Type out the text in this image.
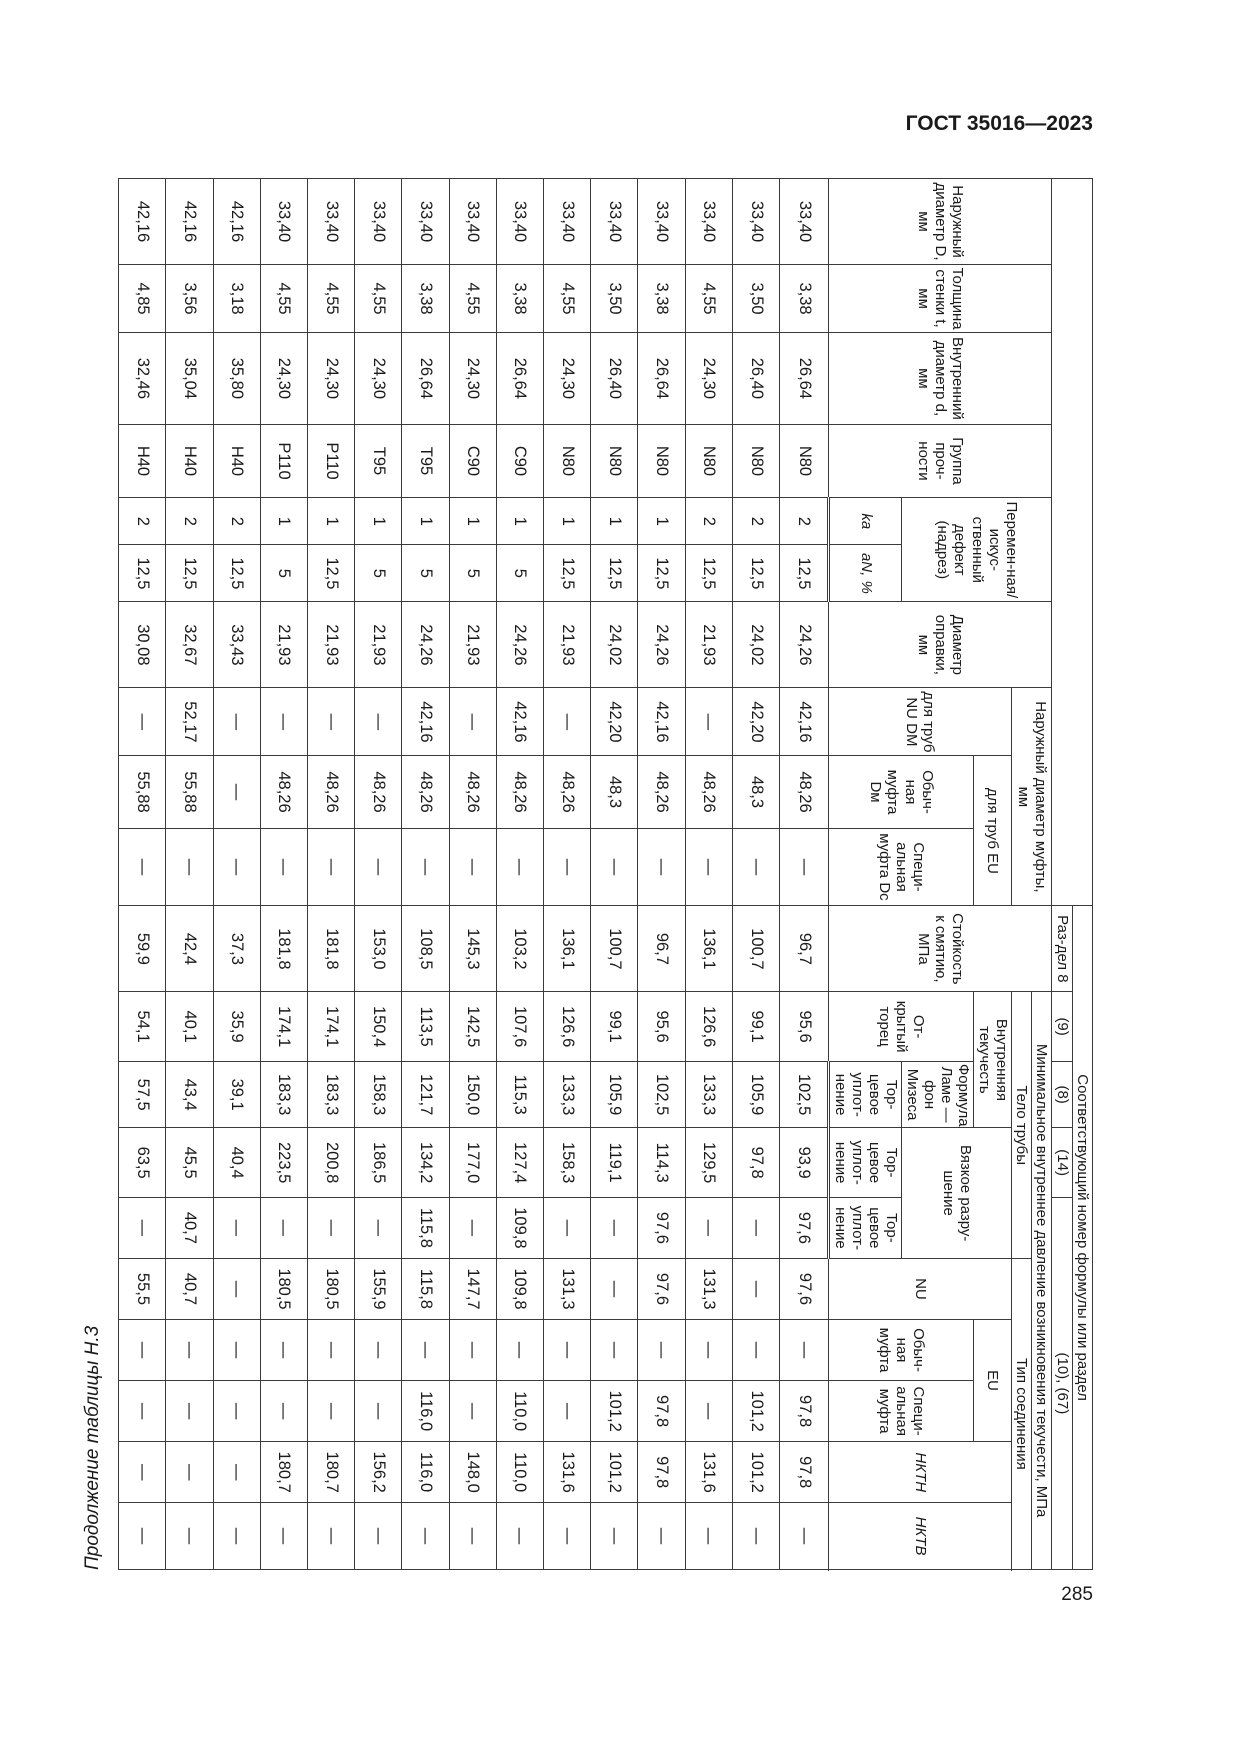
ГОСТ 35016—2023
Продолжение таблицы Н.3
285
										Соответствующий номер формулы или раздел										
										Раз-дел 8	(9)	(8)	(14)	(10), (67)						
Наружный диаметр D, мм	Толщина стенки t, мм	Внутренний диаметр d, мм	Группа проч-ности	Перемен-ная/искус-ственный дефект (надрез)		Диаметр оправки, мм	Наружный диаметр муфты, мм			Стойкость к смятию, МПа	Минимальное внутреннее давление возникновения текучести, МПа									
											Тело трубы				Тип соединения					
							для труб NU DM	для труб EU			Внутренняя текучесть		Вязкое разру-шение		NU	EU		НКТН	НКТВ	
								Обыч-ная муфта Dм	Специ-альная муфта Dс		От-крытый торец	Формула Ламе — фон Мизеса				Обыч-ная муфта	Специ-альная муфта			
				ka	aN, %							Тор-цевое уплот-нение	Тор-цевое уплот-нение	Тор-цевое уплот-нение						
33,40	3,38	26,64	N80	2	12,5	24,26	42,16	48,26	—	96,7	95,6	102,5	93,9	97,6	97,6	—	97,8	97,8	—	
33,40	3,50	26,40	N80	2	12,5	24,02	42,20	48,3	—	100,7	99,1	105,9	97,8	—	—	—	101,2	101,2	—	
33,40	4,55	24,30	N80	2	12,5	21,93	—	48,26	—	136,1	126,6	133,3	129,5	—	131,3	—	—	131,6	—	
33,40	3,38	26,64	N80	1	12,5	24,26	42,16	48,26	—	96,7	95,6	102,5	114,3	97,6	97,6	—	97,8	97,8	—	
33,40	3,50	26,40	N80	1	12,5	24,02	42,20	48,3	—	100,7	99,1	105,9	119,1	—	—	—	101,2	101,2	—	
33,40	4,55	24,30	N80	1	12,5	21,93	—	48,26	—	136,1	126,6	133,3	158,3	—	131,3	—	—	131,6	—	
33,40	3,38	26,64	C90	1	5	24,26	42,16	48,26	—	103,2	107,6	115,3	127,4	109,8	109,8	—	110,0	110,0	—	
33,40	4,55	24,30	C90	1	5	21,93	—	48,26	—	145,3	142,5	150,0	177,0	—	147,7	—	—	148,0	—	
33,40	3,38	26,64	T95	1	5	24,26	42,16	48,26	—	108,5	113,5	121,7	134,2	115,8	115,8	—	116,0	116,0	—	
33,40	4,55	24,30	T95	1	5	21,93	—	48,26	—	153,0	150,4	158,3	186,5	—	155,9	—	—	156,2	—	
33,40	4,55	24,30	P110	1	12,5	21,93	—	48,26	—	181,8	174,1	183,3	200,8	—	180,5	—	—	180,7	—	
33,40	4,55	24,30	P110	1	5	21,93	—	48,26	—	181,8	174,1	183,3	223,5	—	180,5	—	—	180,7	—	
42,16	3,18	35,80	H40	2	12,5	33,43	—	—	—	37,3	35,9	39,1	40,4	—	—	—	—	—	—	
42,16	3,56	35,04	H40	2	12,5	32,67	52,17	55,88	—	42,4	40,1	43,4	45,5	40,7	40,7	—	—	—	—	
42,16	4,85	32,46	H40	2	12,5	30,08	—	55,88	—	59,9	54,1	57,5	63,5	—	55,5	—	—	—	—	
